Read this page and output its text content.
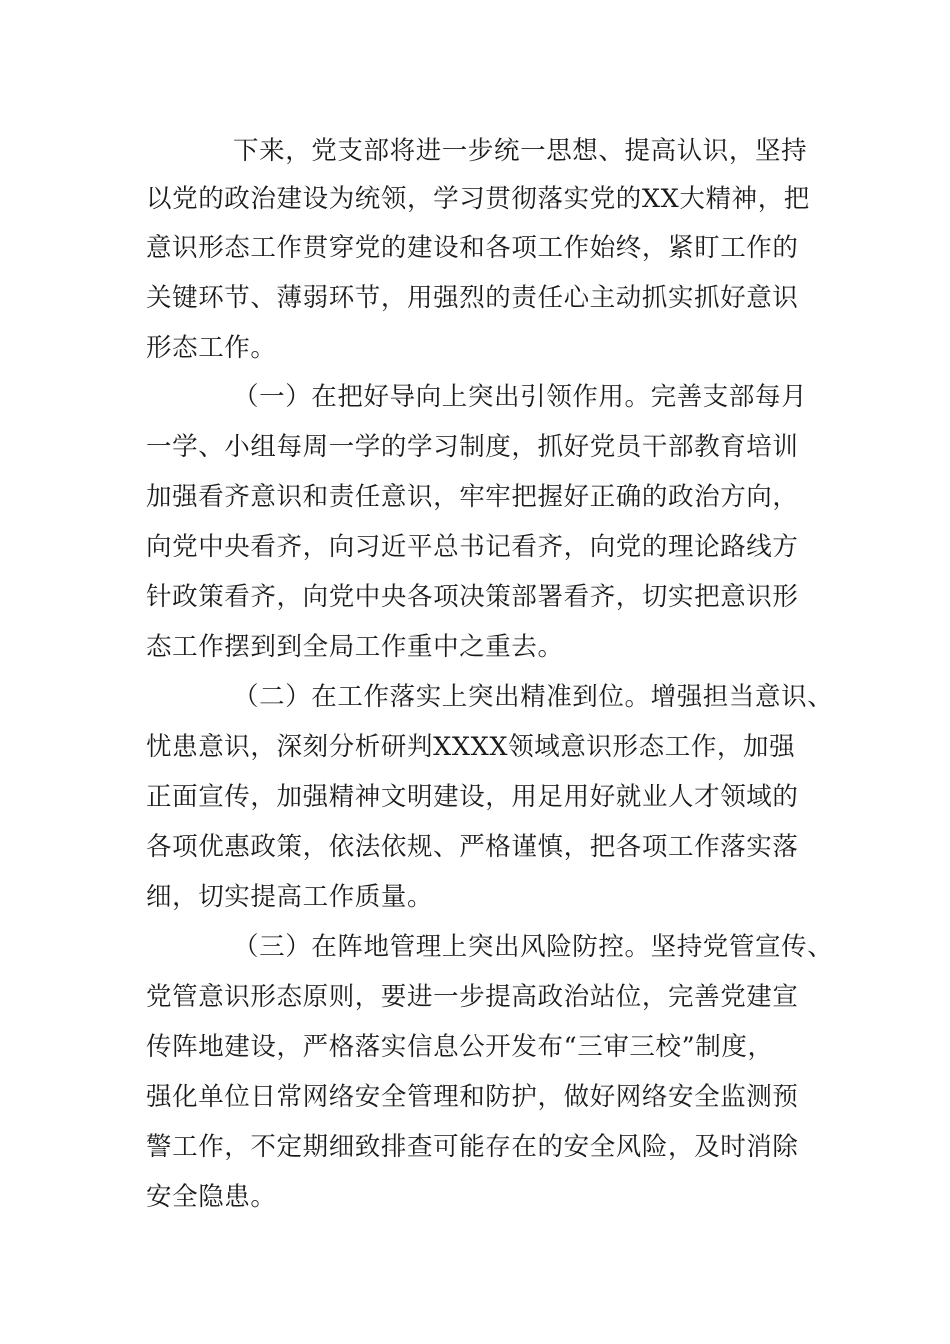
下来，党支部将进一步统一思想、提高认识，坚持

以党的政治建设为统领，学习贯彻落实党的XX大精神，把

意识形态工作贯穿党的建设和各项工作始终，紧盯工作的

关键环节、薄弱环节，用强烈的责任心主动抓实抓好意识

形态工作。

（一）在把好导向上突出引领作用。完善支部每月

一学、小组每周一学的学习制度，抓好党员干部教育培训

加强看齐意识和责任意识，牢牢把握好正确的政治方向，

向党中央看齐，向习近平总书记看齐，向党的理论路线方

针政策看齐，向党中央各项决策部署看齐，切实把意识形

态工作摆到到全局工作重中之重去。

（二）在工作落实上突出精准到位。增强担当意识、

忧患意识，深刻分析研判XXXX领域意识形态工作，加强

正面宣传，加强精神文明建设，用足用好就业人才领域的

各项优惠政策，依法依规、严格谨慎，把各项工作落实落

细，切实提高工作质量。

（三）在阵地管理上突出风险防控。坚持党管宣传、

党管意识形态原则，要进一步提高政治站位，完善党建宣

传阵地建设，严格落实信息公开发布“三审三校”制度，

强化单位日常网络安全管理和防护，做好网络安全监测预

警工作，不定期细致排查可能存在的安全风险，及时消除

安全隐患。
